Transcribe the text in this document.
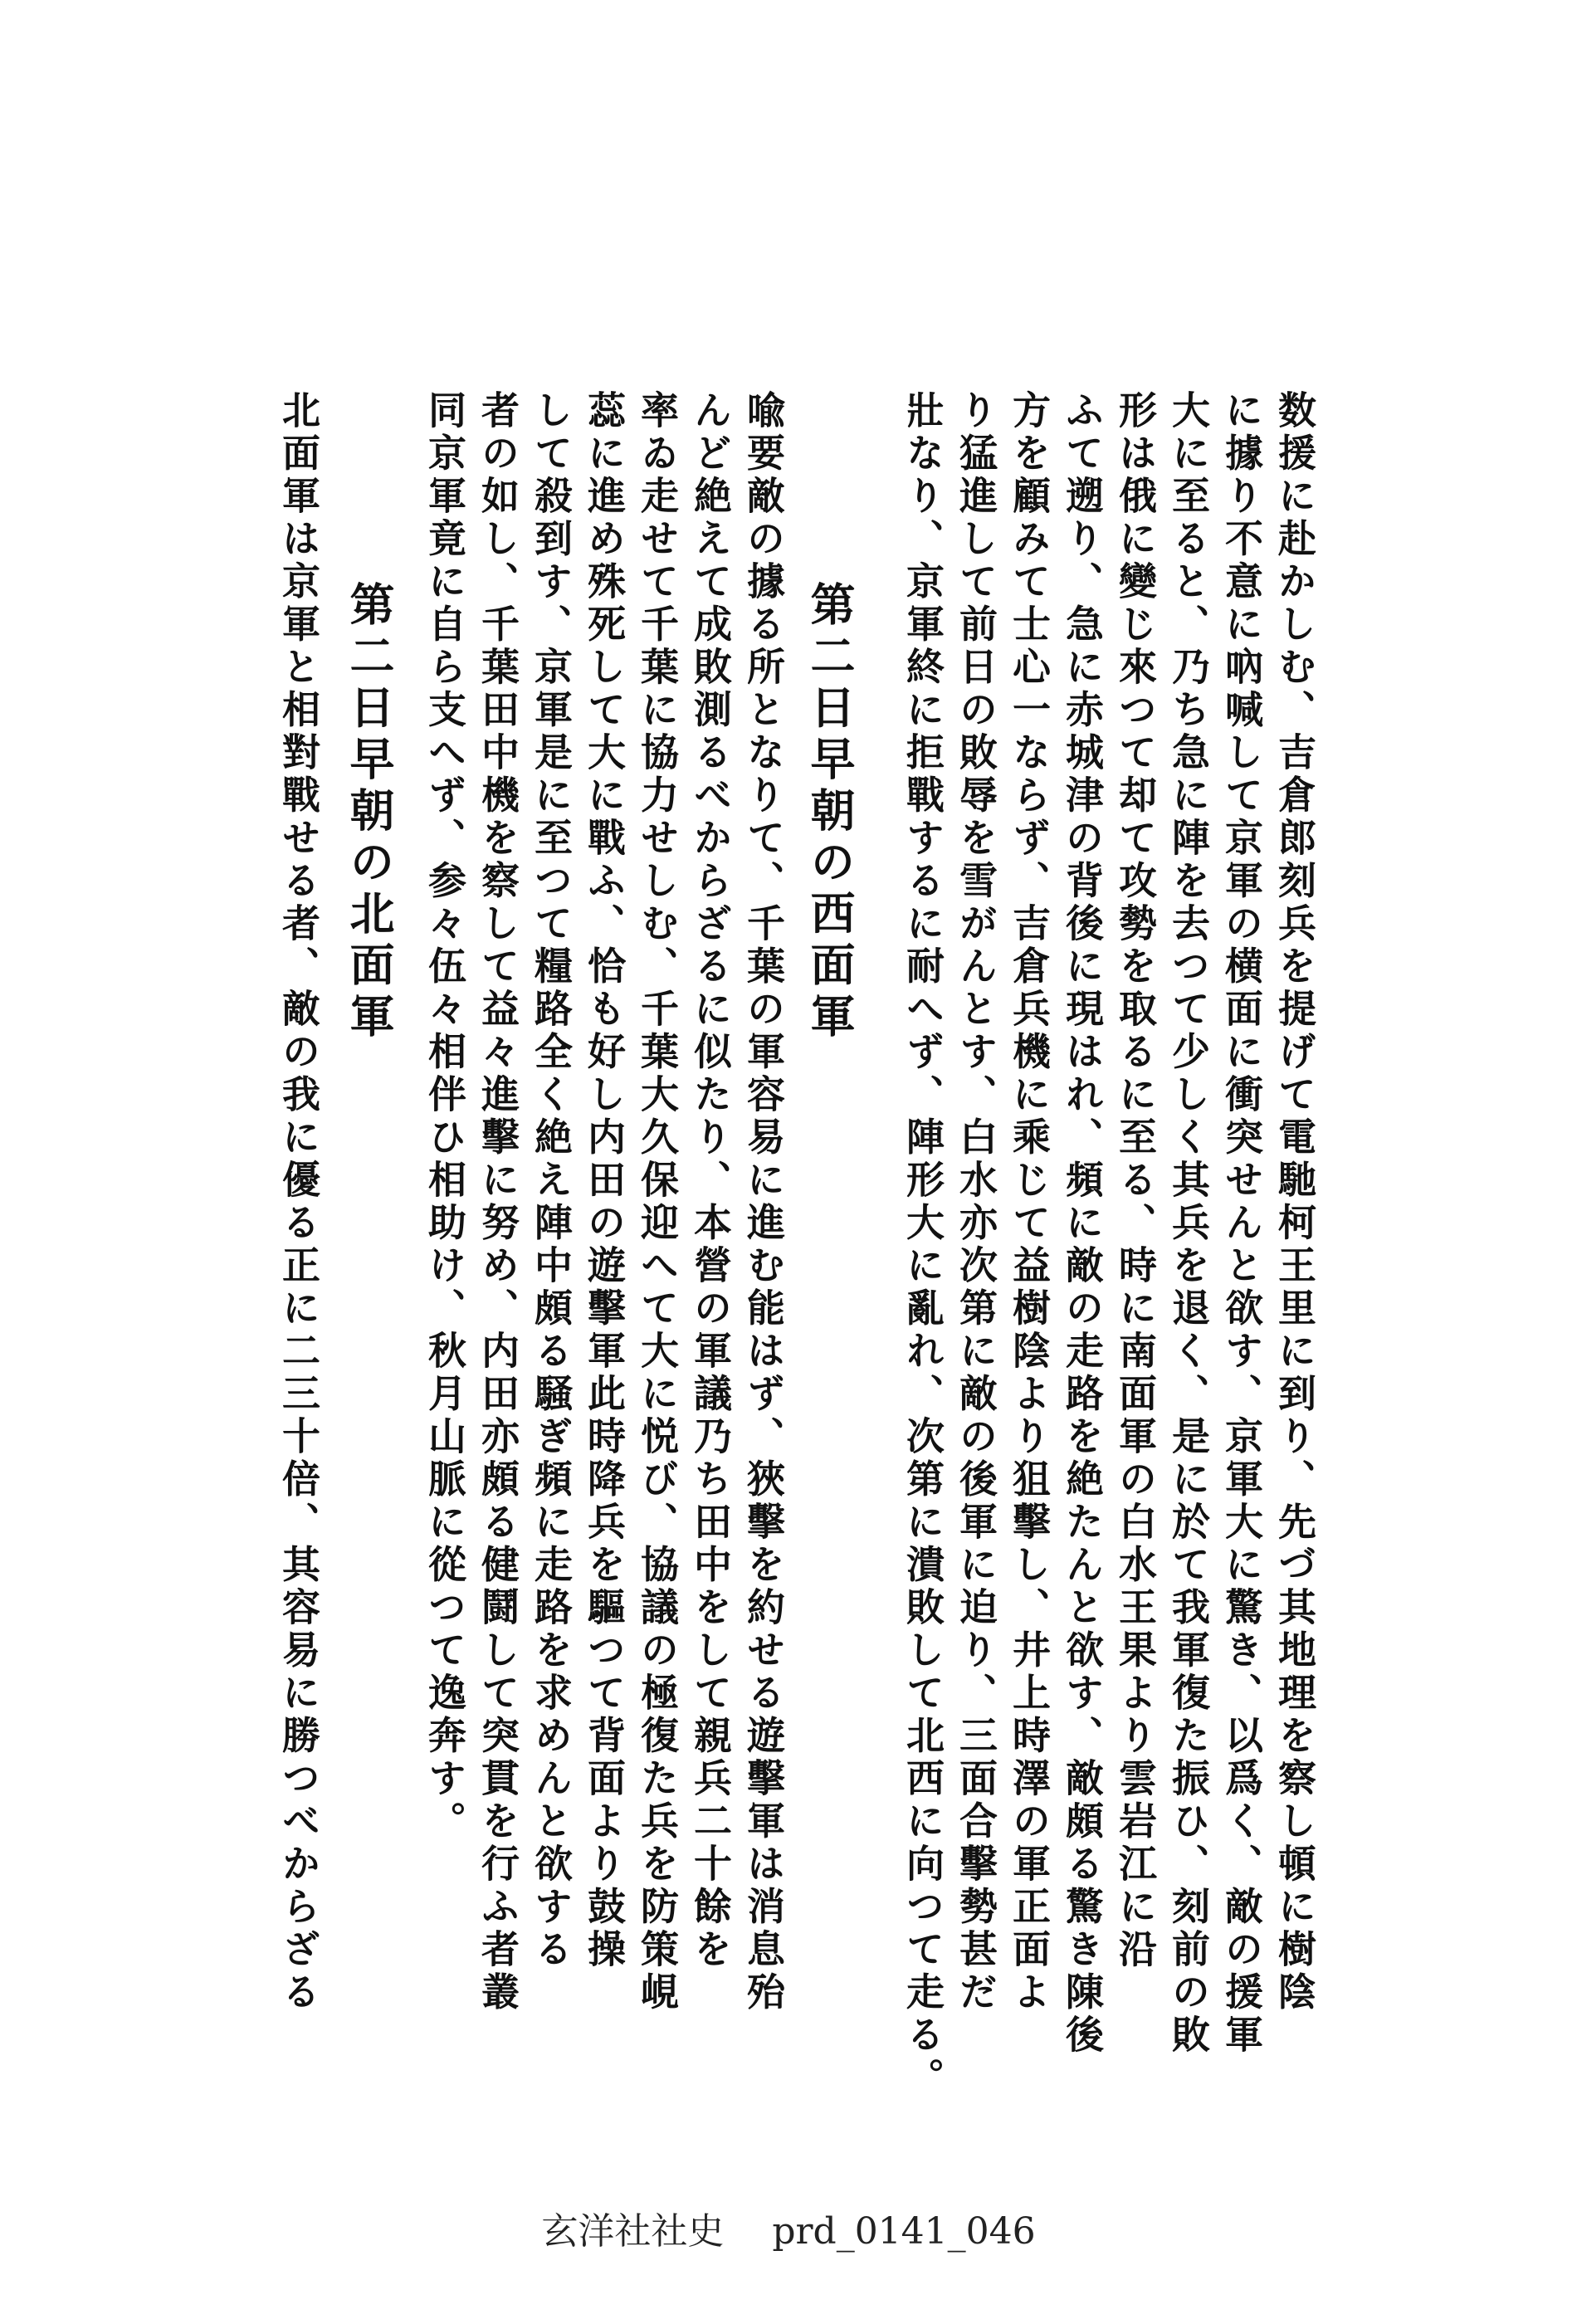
数援に赴かしむ、吉倉郎刻兵を提げて電馳柯王里に到り、先づ其地理を察し頓に樹陰
に據り不意に吶喊して京軍の横面に衝突せんと欲す、京軍大に驚き、以爲く、敵の援軍
大に至ると、乃ち急に陣を去つて少しく其兵を退く、是に於て我軍復た振ひ、刻前の敗
形は俄に變じ來つて却て攻勢を取るに至る、時に南面軍の白水王果より雲岩江に沿
ふて遡り、急に赤城津の背後に現はれ、頻に敵の走路を絶たんと欲す、敵頗る驚き陳後
方を顧みて士心一ならず、吉倉兵機に乘じて益樹陰より狙擊し、井上時澤の軍正面よ
り猛進して前日の敗辱を雪がんとす、白水亦次第に敵の後軍に迫り、三面合擊勢甚だ
壯なり、京軍終に拒戰するに耐へず、陣形大に亂れ、次第に潰敗して北西に向つて走る。
第二日早朝の西面軍
喩要敵の據る所となりて、千葉の軍容易に進む能はず、狹擊を約せる遊擊軍は消息殆
んど絶えて成敗測るべからざるに似たり、本營の軍議乃ち田中をして親兵二十餘を
率ゐ走せて千葉に協力せしむ、千葉大久保迎へて大に悦び、協議の極復た兵を防策峴
蕊に進め殊死して大に戰ふ、恰も好し内田の遊擊軍此時降兵を驅つて背面より鼓操
して殺到す、京軍是に至つて糧路全く絶え陣中頗る騒ぎ頻に走路を求めんと欲する
者の如し、千葉田中機を察して益々進擊に努め、内田亦頗る健鬪して突貫を行ふ者叢
同京軍竟に自ら支へず、参々伍々相伴ひ相助け、秋月山脈に從つて逸奔す。
第二日早朝の北面軍
北面軍は京軍と相對戰せる者、敵の我に優る正に二三十倍、其容易に勝つべからざる
玄洋社社史 prd_0141_046
